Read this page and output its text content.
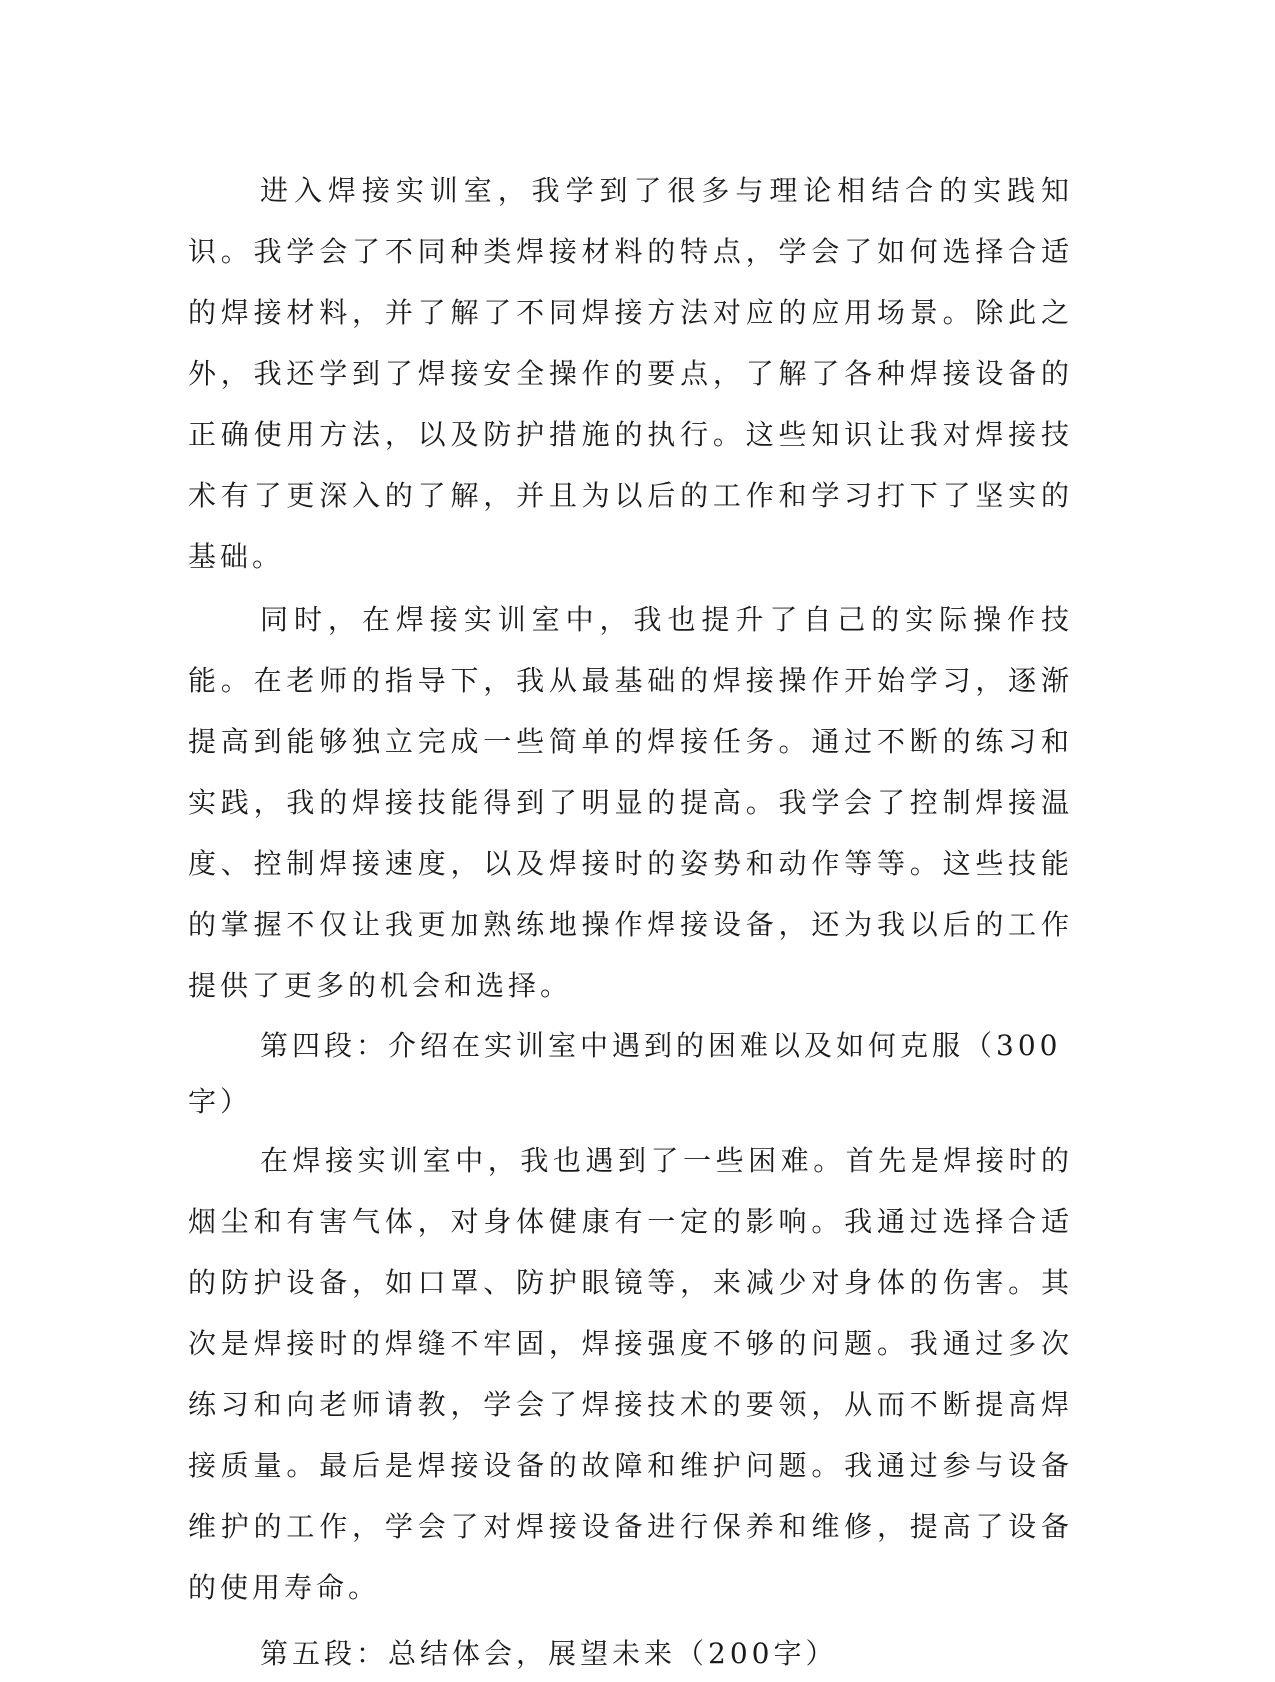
进入焊接实训室，我学到了很多与理论相结合的实践知识。我学会了不同种类焊接材料的特点，学会了如何选择合适的焊接材料，并了解了不同焊接方法对应的应用场景。除此之外，我还学到了焊接安全操作的要点，了解了各种焊接设备的正确使用方法，以及防护措施的执行。这些知识让我对焊接技术有了更深入的了解，并且为以后的工作和学习打下了坚实的基础。

同时，在焊接实训室中，我也提升了自己的实际操作技能。在老师的指导下，我从最基础的焊接操作开始学习，逐渐提高到能够独立完成一些简单的焊接任务。通过不断的练习和实践，我的焊接技能得到了明显的提高。我学会了控制焊接温度、控制焊接速度，以及焊接时的姿势和动作等等。这些技能的掌握不仅让我更加熟练地操作焊接设备，还为我以后的工作提供了更多的机会和选择。

第四段：介绍在实训室中遇到的困难以及如何克服（300字）

在焊接实训室中，我也遇到了一些困难。首先是焊接时的烟尘和有害气体，对身体健康有一定的影响。我通过选择合适的防护设备，如口罩、防护眼镜等，来减少对身体的伤害。其次是焊接时的焊缝不牢固，焊接强度不够的问题。我通过多次练习和向老师请教，学会了焊接技术的要领，从而不断提高焊接质量。最后是焊接设备的故障和维护问题。我通过参与设备维护的工作，学会了对焊接设备进行保养和维修，提高了设备的使用寿命。

第五段：总结体会，展望未来（200字）
